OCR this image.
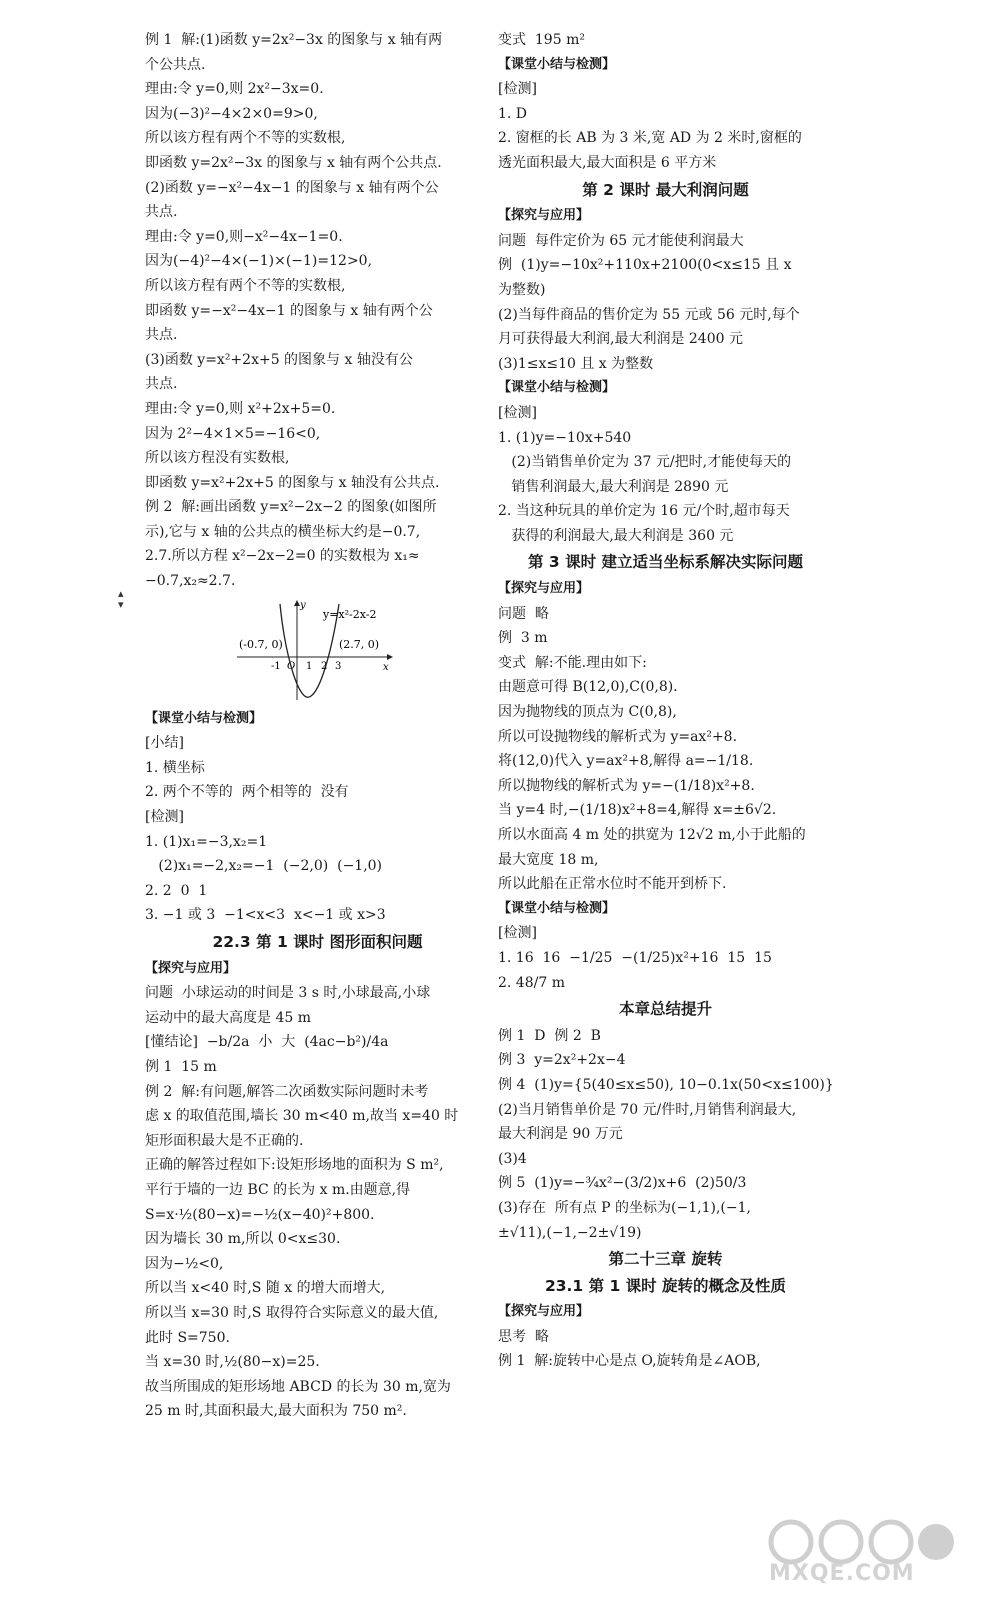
例 1  解:(1)函数 y=2x²−3x 的图象与 x 轴有两
个公共点.
理由:令 y=0,则 2x²−3x=0.
因为(−3)²−4×2×0=9>0,
所以该方程有两个不等的实数根,
即函数 y=2x²−3x 的图象与 x 轴有两个公共点.
(2)函数 y=−x²−4x−1 的图象与 x 轴有两个公
共点.
理由:令 y=0,则−x²−4x−1=0.
因为(−4)²−4×(−1)×(−1)=12>0,
所以该方程有两个不等的实数根,
即函数 y=−x²−4x−1 的图象与 x 轴有两个公
共点.
(3)函数 y=x²+2x+5 的图象与 x 轴没有公
共点.
理由:令 y=0,则 x²+2x+5=0.
因为 2²−4×1×5=−16<0,
所以该方程没有实数根,
即函数 y=x²+2x+5 的图象与 x 轴没有公共点.
例 2  解:画出函数 y=x²−2x−2 的图象(如图所
示),它与 x 轴的公共点的横坐标大约是−0.7,
2.7.所以方程 x²−2x−2=0 的实数根为 x₁≈
−0.7,x₂≈2.7.
y
x
y=x²-2x-2
(-0.7, 0)	(2.7, 0)
-1 O 1 2 3
【课堂小结与检测】
[小结]
1. 横坐标
2. 两个不等的  两个相等的  没有
[检测]
1. (1)x₁=−3,x₂=1
(2)x₁=−2,x₂=−1  (−2,0)  (−1,0)
2. 2  0  1
3. −1 或 3  −1<x<3  x<−1 或 x>3
22.3 第 1 课时 图形面积问题
【探究与应用】
问题  小球运动的时间是 3 s 时,小球最高,小球
运动中的最大高度是 45 m
[懂结论]  −b/2a  小  大  (4ac−b²)/4a
例 1  15 m
例 2  解:有问题,解答二次函数实际问题时未考
虑 x 的取值范围,墙长 30 m<40 m,故当 x=40 时
矩形面积最大是不正确的.
正确的解答过程如下:设矩形场地的面积为 S m²,
平行于墙的一边 BC 的长为 x m.由题意,得
S=x·½(80−x)=−½(x−40)²+800.
因为墙长 30 m,所以 0<x≤30.
因为−½<0,
所以当 x<40 时,S 随 x 的增大而增大,
所以当 x=30 时,S 取得符合实际意义的最大值,
此时 S=750.
当 x=30 时,½(80−x)=25.
故当所围成的矩形场地 ABCD 的长为 30 m,宽为
25 m 时,其面积最大,最大面积为 750 m².
变式  195 m²
【课堂小结与检测】
[检测]
1. D
2. 窗框的长 AB 为 3 米,宽 AD 为 2 米时,窗框的
透光面积最大,最大面积是 6 平方米
第 2 课时 最大利润问题
【探究与应用】
问题  每件定价为 65 元才能使利润最大
例  (1)y=−10x²+110x+2100(0<x≤15 且 x
为整数)
(2)当每件商品的售价定为 55 元或 56 元时,每个
月可获得最大利润,最大利润是 2400 元
(3)1≤x≤10 且 x 为整数
【课堂小结与检测】
[检测]
1. (1)y=−10x+540
(2)当销售单价定为 37 元/把时,才能使每天的
销售利润最大,最大利润是 2890 元
2. 当这种玩具的单价定为 16 元/个时,超市每天
获得的利润最大,最大利润是 360 元
第 3 课时 建立适当坐标系解决实际问题
【探究与应用】
问题  略
例  3 m
变式  解:不能.理由如下:
由题意可得 B(12,0),C(0,8).
因为抛物线的顶点为 C(0,8),
所以可设抛物线的解析式为 y=ax²+8.
将(12,0)代入 y=ax²+8,解得 a=−1/18.
所以抛物线的解析式为 y=−(1/18)x²+8.
当 y=4 时,−(1/18)x²+8=4,解得 x=±6√2.
所以水面高 4 m 处的拱宽为 12√2 m,小于此船的
最大宽度 18 m,
所以此船在正常水位时不能开到桥下.
【课堂小结与检测】
[检测]
1. 16  16  −1/25  −(1/25)x²+16  15  15
2. 48/7 m
本章总结提升
例 1  D  例 2  B
例 3  y=2x²+2x−4
例 4  (1)y={5(40≤x≤50), 10−0.1x(50<x≤100)}
(2)当月销售单价是 70 元/件时,月销售利润最大,
最大利润是 90 万元
(3)4
例 5  (1)y=−¾x²−(3/2)x+6  (2)50/3
(3)存在  所有点 P 的坐标为(−1,1),(−1,
±√11),(−1,−2±√19)
第二十三章 旋转
23.1 第 1 课时 旋转的概念及性质
【探究与应用】
思考  略
例 1  解:旋转中心是点 O,旋转角是∠AOB,
▴
▾
MXQE.COM
